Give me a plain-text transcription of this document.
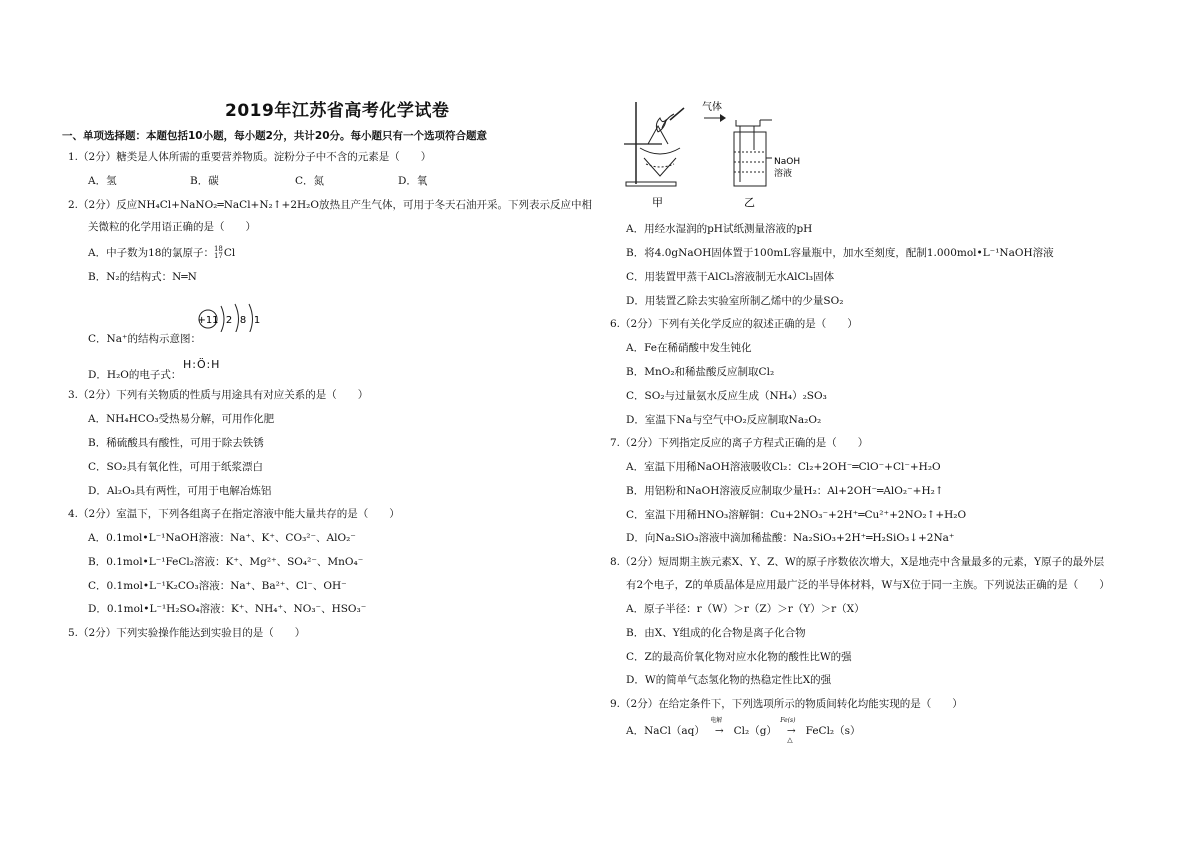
2019年江苏省高考化学试卷
一、单项选择题：本题包括10小题，每小题2分，共计20分。每小题只有一个选项符合题意
1.（2分）糖类是人体所需的重要营养物质。淀粉分子中不含的元素是（　　）
A．氢	B．碳	C．氮	D．氧
2.（2分）反应NH₄Cl+NaNO₂═NaCl+N₂↑+2H₂O放热且产生气体，可用于冬天石油开采。下列表示反应中相
关微粒的化学用语正确的是（　　）
A．中子数为18的氯原子：18
17Cl
B．N₂的结构式：N═N
+11 2 8 1
C．Na⁺的结构示意图：
H:Ö:H
D．H₂O的电子式：
3.（2分）下列有关物质的性质与用途具有对应关系的是（　　）
A．NH₄HCO₃受热易分解，可用作化肥
B．稀硫酸具有酸性，可用于除去铁锈
C．SO₂具有氧化性，可用于纸浆漂白
D．Al₂O₃具有两性，可用于电解冶炼铝
4.（2分）室温下，下列各组离子在指定溶液中能大量共存的是（　　）
A．0.1mol•L⁻¹NaOH溶液：Na⁺、K⁺、CO₃²⁻、AlO₂⁻
B．0.1mol•L⁻¹FeCl₂溶液：K⁺、Mg²⁺、SO₄²⁻、MnO₄⁻
C．0.1mol•L⁻¹K₂CO₃溶液：Na⁺、Ba²⁺、Cl⁻、OH⁻
D．0.1mol•L⁻¹H₂SO₄溶液：K⁺、NH₄⁺、NO₃⁻、HSO₃⁻
5.（2分）下列实验操作能达到实验目的是（　　）
气体
NaOH
溶液
甲	乙
A．用经水湿润的pH试纸测量溶液的pH
B．将4.0gNaOH固体置于100mL容量瓶中，加水至刻度，配制1.000mol•L⁻¹NaOH溶液
C．用装置甲蒸干AlCl₃溶液制无水AlCl₃固体
D．用装置乙除去实验室所制乙烯中的少量SO₂
6.（2分）下列有关化学反应的叙述正确的是（　　）
A．Fe在稀硝酸中发生钝化
B．MnO₂和稀盐酸反应制取Cl₂
C．SO₂与过量氨水反应生成（NH₄）₂SO₃
D．室温下Na与空气中O₂反应制取Na₂O₂
7.（2分）下列指定反应的离子方程式正确的是（　　）
A．室温下用稀NaOH溶液吸收Cl₂：Cl₂+2OH⁻═ClO⁻+Cl⁻+H₂O
B．用铝粉和NaOH溶液反应制取少量H₂：Al+2OH⁻═AlO₂⁻+H₂↑
C．室温下用稀HNO₃溶解铜：Cu+2NO₃⁻+2H⁺═Cu²⁺+2NO₂↑+H₂O
D．向Na₂SiO₃溶液中滴加稀盐酸：Na₂SiO₃+2H⁺═H₂SiO₃↓+2Na⁺
8.（2分）短周期主族元素X、Y、Z、W的原子序数依次增大，X是地壳中含量最多的元素，Y原子的最外层
有2个电子，Z的单质晶体是应用最广泛的半导体材料，W与X位于同一主族。下列说法正确的是（　　）
A．原子半径：r（W）＞r（Z）＞r（Y）＞r（X）
B．由X、Y组成的化合物是离子化合物
C．Z的最高价氧化物对应水化物的酸性比W的强
D．W的简单气态氢化物的热稳定性比X的强
9.（2分）在给定条件下，下列选项所示的物质间转化均能实现的是（　　）
A．NaCl（aq）
电解
→ Cl₂（g）
Fe(s)
→
△
FeCl₂（s）
